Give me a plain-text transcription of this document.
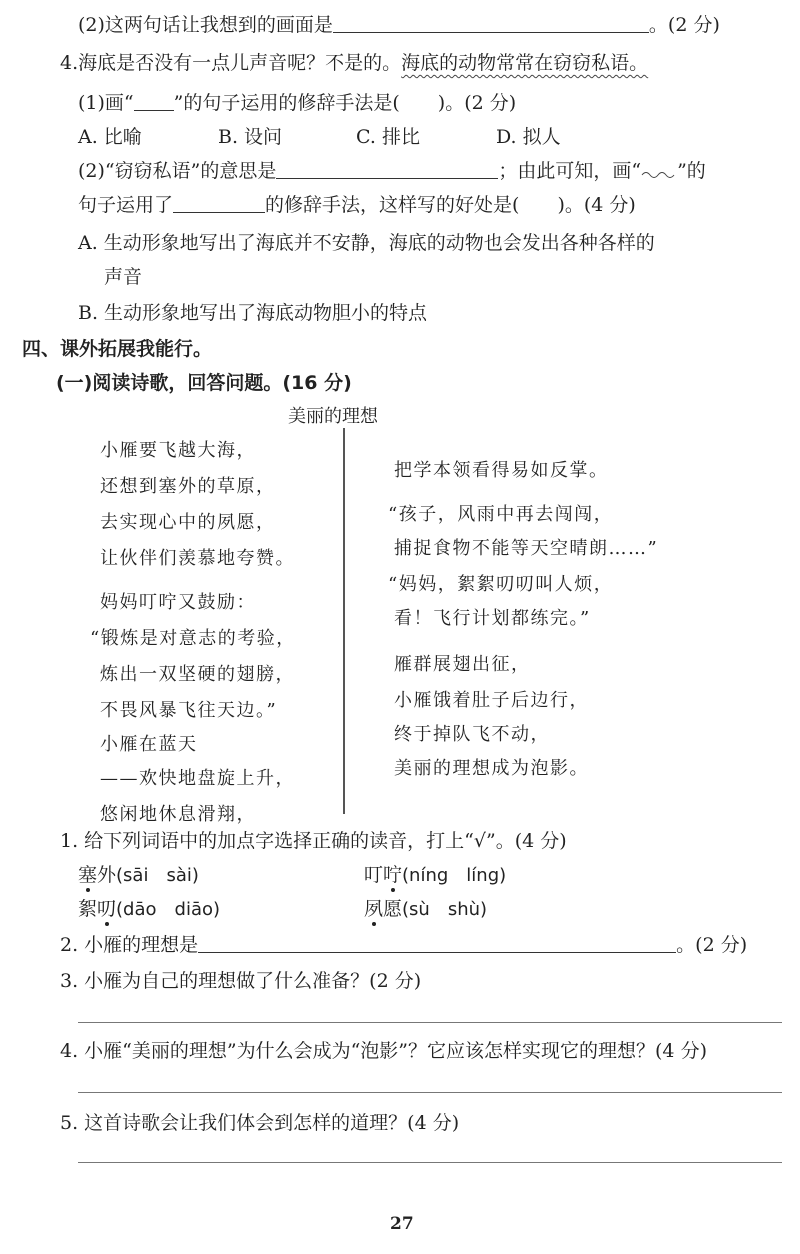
(2)这两句话让我想到的画面是	。(2 分)
4.海底是否没有一点儿声音呢？不是的。海底的动物常常在窃窃私语。
(1)画“ ”的句子运用的修辞手法是( )。(2 分)
A. 比喻	B. 设问	C. 排比	D. 拟人
(2)“窃窃私语”的意思是	；由此可知，画“ ”的
句子运用了	的修辞手法，这样写的好处是( )。(4 分)
A. 生动形象地写出了海底并不安静，海底的动物也会发出各种各样的
声音
B. 生动形象地写出了海底动物胆小的特点
四、课外拓展我能行。
(一)阅读诗歌，回答问题。(16 分)
美丽的理想
小雁要飞越大海，
还想到塞外的草原，
去实现心中的夙愿，
让伙伴们羡慕地夸赞。
妈妈叮咛又鼓励：
“锻炼是对意志的考验，
炼出一双坚硬的翅膀，
不畏风暴飞往天边。”
小雁在蓝天
——欢快地盘旋上升，
悠闲地休息滑翔，
把学本领看得易如反掌。
“孩子，风雨中再去闯闯，
捕捉食物不能等天空晴朗……”
“妈妈，絮絮叨叨叫人烦，
看！飞行计划都练完。”
雁群展翅出征，
小雁饿着肚子后边行，
终于掉队飞不动，
美丽的理想成为泡影。
1. 给下列词语中的加点字选择正确的读音，打上“√”。(4 分)
塞外(sāi　sài)	叮咛(níng　líng)
絮叨(dāo　diāo)	夙愿(sù　shù)
2. 小雁的理想是	。(2 分)
3. 小雁为自己的理想做了什么准备？(2 分)
4. 小雁“美丽的理想”为什么会成为“泡影”？它应该怎样实现它的理想？(4 分)
5. 这首诗歌会让我们体会到怎样的道理？(4 分)
27
